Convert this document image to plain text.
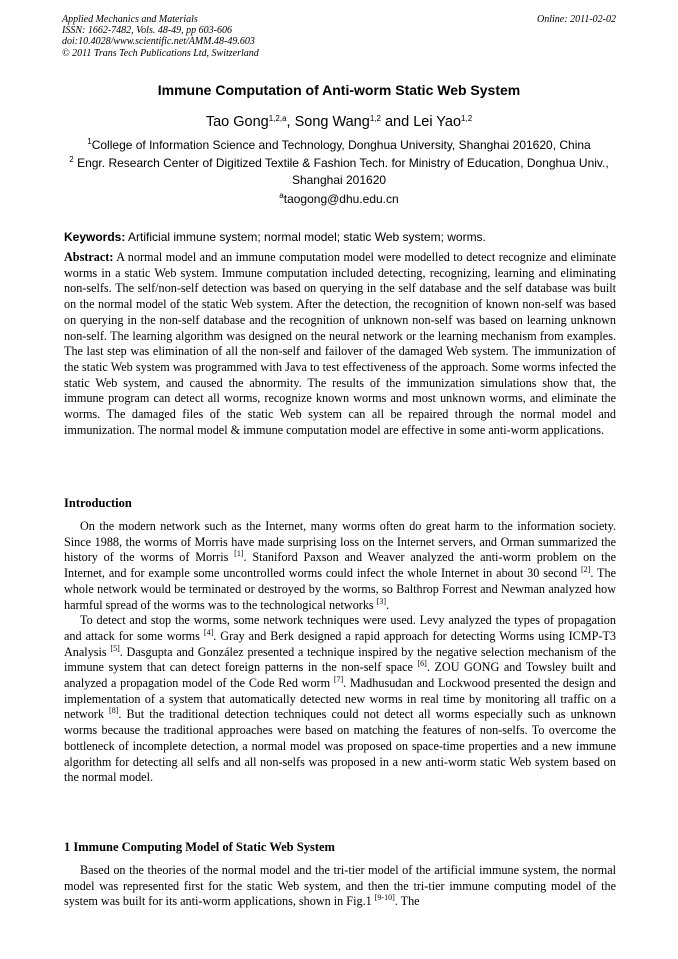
Applied Mechanics and Materials
ISSN: 1662-7482, Vols. 48-49, pp 603-606
doi:10.4028/www.scientific.net/AMM.48-49.603
© 2011 Trans Tech Publications Ltd, Switzerland
Online: 2011-02-02
Immune Computation of Anti-worm Static Web System
Tao Gong$^{1,2,a}$, Song Wang$^{1,2}$ and Lei Yao$^{1,2}$
$^1$College of Information Science and Technology, Donghua University, Shanghai 201620, China
$^2$ Engr. Research Center of Digitized Textile & Fashion Tech. for Ministry of Education, Donghua Univ., Shanghai 201620
$^a$taogong@dhu.edu.cn
Keywords: Artificial immune system; normal model; static Web system; worms.

Abstract: A normal model and an immune computation model were modelled to detect recognize and eliminate worms in a static Web system. Immune computation included detecting, recognizing, learning and eliminating non-selfs. The self/non-self detection was based on querying in the self database and the self database was built on the normal model of the static Web system. After the detection, the recognition of known non-self was based on querying in the non-self database and the recognition of unknown non-self was based on learning unknown non-self. The learning algorithm was designed on the neural network or the learning mechanism from examples. The last step was elimination of all the non-self and failover of the damaged Web system. The immunization of the static Web system was programmed with Java to test effectiveness of the approach. Some worms infected the static Web system, and caused the abnormity. The results of the immunization simulations show that, the immune program can detect all worms, recognize known worms and most unknown worms, and eliminate the worms. The damaged files of the static Web system can all be repaired through the normal model and immunization. The normal model & immune computation model are effective in some anti-worm applications.

Introduction

On the modern network such as the Internet, many worms often do great harm to the information society. Since 1988, the worms of Morris have made surprising loss on the Internet servers, and Orman summarized the history of the worms of Morris [1]. Staniford Paxson and Weaver analyzed the anti-worm problem on the Internet, and for example some uncontrolled worms could infect the whole Internet in about 30 second [2]. The whole network would be terminated or destroyed by the worms, so Balthrop Forrest and Newman analyzed how harmful spread of the worms was to the technological networks [3].

To detect and stop the worms, some network techniques were used. Levy analyzed the types of propagation and attack for some worms [4]. Gray and Berk designed a rapid approach for detecting Worms using ICMP-T3 Analysis [5]. Dasgupta and González presented a technique inspired by the negative selection mechanism of the immune system that can detect foreign patterns in the non-self space [6]. ZOU GONG and Towsley built and analyzed a propagation model of the Code Red worm [7]. Madhusudan and Lockwood presented the design and implementation of a system that automatically detected new worms in real time by monitoring all traffic on a network [8]. But the traditional detection techniques could not detect all worms especially such as unknown worms because the traditional approaches were based on matching the features of non-selfs. To overcome the bottleneck of incomplete detection, a normal model was proposed on space-time properties and a new immune algorithm for detecting all selfs and all non-selfs was proposed in a new anti-worm static Web system based on the normal model.

1 Immune Computing Model of Static Web System

Based on the theories of the normal model and the tri-tier model of the artificial immune system, the normal model was represented first for the static Web system, and then the tri-tier immune computing model of the system was built for its anti-worm applications, shown in Fig.1 [9-10]. The
